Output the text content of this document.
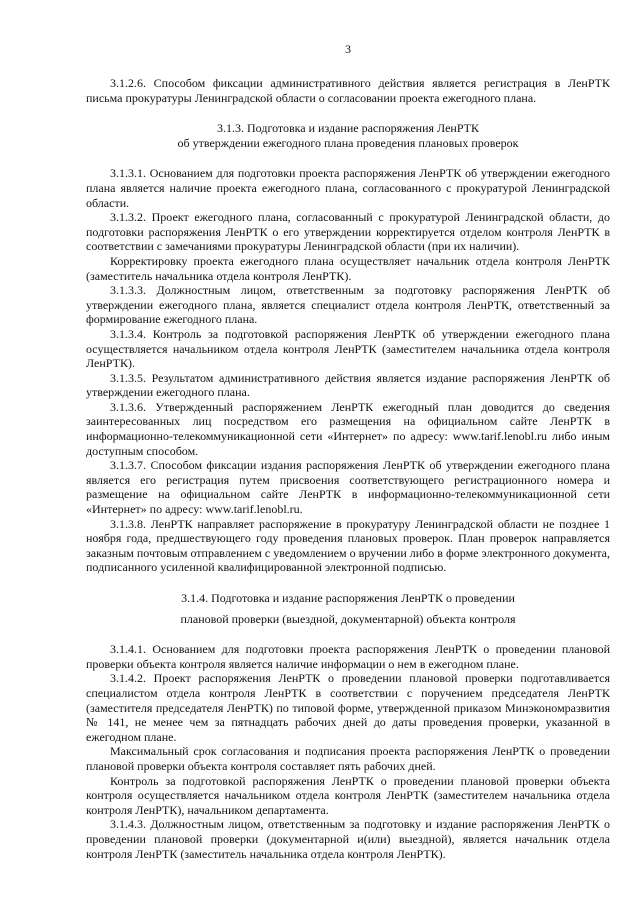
3

3.1.2.6. Способом фиксации административного действия является регистрация в ЛенРТК письма прокуратуры Ленинградской области о согласовании проекта ежегодного плана.

3.1.3. Подготовка и издание распоряжения ЛенРТК
об утверждении ежегодного плана проведения плановых проверок

3.1.3.1. Основанием для подготовки проекта распоряжения ЛенРТК об утверждении ежегодного плана является наличие проекта ежегодного плана, согласованного с прокуратурой Ленинградской области.

3.1.3.2. Проект ежегодного плана, согласованный с прокуратурой Ленинградской области, до подготовки распоряжения ЛенРТК о его утверждении корректируется отделом контроля ЛенРТК в соответствии с замечаниями прокуратуры Ленинградской области (при их наличии).

Корректировку проекта ежегодного плана осуществляет начальник отдела контроля ЛенРТК (заместитель начальника отдела контроля ЛенРТК).

3.1.3.3. Должностным лицом, ответственным за подготовку распоряжения ЛенРТК об утверждении ежегодного плана, является специалист отдела контроля ЛенРТК, ответственный за формирование ежегодного плана.

3.1.3.4. Контроль за подготовкой распоряжения ЛенРТК об утверждении ежегодного плана осуществляется начальником отдела контроля ЛенРТК (заместителем начальника отдела контроля ЛенРТК).

3.1.3.5. Результатом административного действия является издание распоряжения ЛенРТК об утверждении ежегодного плана.

3.1.3.6. Утвержденный распоряжением ЛенРТК ежегодный план доводится до сведения заинтересованных лиц посредством его размещения на официальном сайте ЛенРТК в информационно-телекоммуникационной сети «Интернет» по адресу: www.tarif.lenobl.ru либо иным доступным способом.

3.1.3.7. Способом фиксации издания распоряжения ЛенРТК об утверждении ежегодного плана является его регистрация путем присвоения соответствующего регистрационного номера и размещение на официальном сайте ЛенРТК в информационно-телекоммуникационной сети «Интернет» по адресу: www.tarif.lenobl.ru.

3.1.3.8. ЛенРТК направляет распоряжение в прокуратуру Ленинградской области не позднее 1 ноября года, предшествующего году проведения плановых проверок. План проверок направляется заказным почтовым отправлением с уведомлением о вручении либо в форме электронного документа, подписанного усиленной квалифицированной электронной подписью.

3.1.4. Подготовка и издание распоряжения ЛенРТК о проведении
плановой проверки (выездной, документарной) объекта контроля

3.1.4.1. Основанием для подготовки проекта распоряжения ЛенРТК о проведении плановой проверки объекта контроля является наличие информации о нем в ежегодном плане.

3.1.4.2. Проект распоряжения ЛенРТК о проведении плановой проверки подготавливается специалистом отдела контроля ЛенРТК в соответствии с поручением председателя ЛенРТК (заместителя председателя ЛенРТК) по типовой форме, утвержденной приказом Минэкономразвития № 141, не менее чем за пятнадцать рабочих дней до даты проведения проверки, указанной в ежегодном плане.

Максимальный срок согласования и подписания проекта распоряжения ЛенРТК о проведении плановой проверки объекта контроля составляет пять рабочих дней.

Контроль за подготовкой распоряжения ЛенРТК о проведении плановой проверки объекта контроля осуществляется начальником отдела контроля ЛенРТК (заместителем начальника отдела контроля ЛенРТК), начальником департамента.

3.1.4.3. Должностным лицом, ответственным за подготовку и издание распоряжения ЛенРТК о проведении плановой проверки (документарной и(или) выездной), является начальник отдела контроля ЛенРТК (заместитель начальника отдела контроля ЛенРТК).
